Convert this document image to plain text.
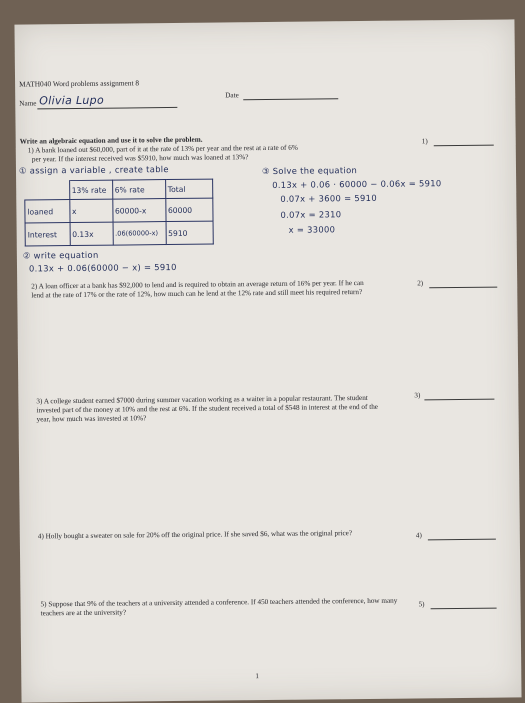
MATH040 Word problems assignment 8
Name Olivia Lupo	Date
Write an algebraic equation and use it to solve the problem.
1) A bank loaned out $60,000, part of it at the rate of 13% per year and the rest at a rate of 6%
per year. If the interest received was $5910, how much was loaned at 13%?
1)
① assign a variable , create table	③ Solve the equation
	13% rate	6% rate	Total
loaned	x	60000-x	60000
Interest	0.13x	.06(60000-x)	5910
0.13x + 0.06 · 60000 − 0.06x = 5910
0.07x + 3600 = 5910
0.07x = 2310
x = 33000
② write equation
0.13x + 0.06(60000 − x) = 5910
2) A loan officer at a bank has $92,000 to lend and is required to obtain an average return of 16% per year. If he can lend at the rate of 17% or the rate of 12%, how much can he lend at the 12% rate and still meet his required return?
2)
3) A college student earned $7000 during summer vacation working as a waiter in a popular restaurant. The student invested part of the money at 10% and the rest at 6%. If the student received a total of $548 in interest at the end of the year, how much was invested at 10%?
3)
4) Holly bought a sweater on sale for 20% off the original price. If she saved $6, what was the original price?	4)
5) Suppose that 9% of the teachers at a university attended a conference. If 450 teachers attended the conference, how many teachers are at the university?
5)
1
